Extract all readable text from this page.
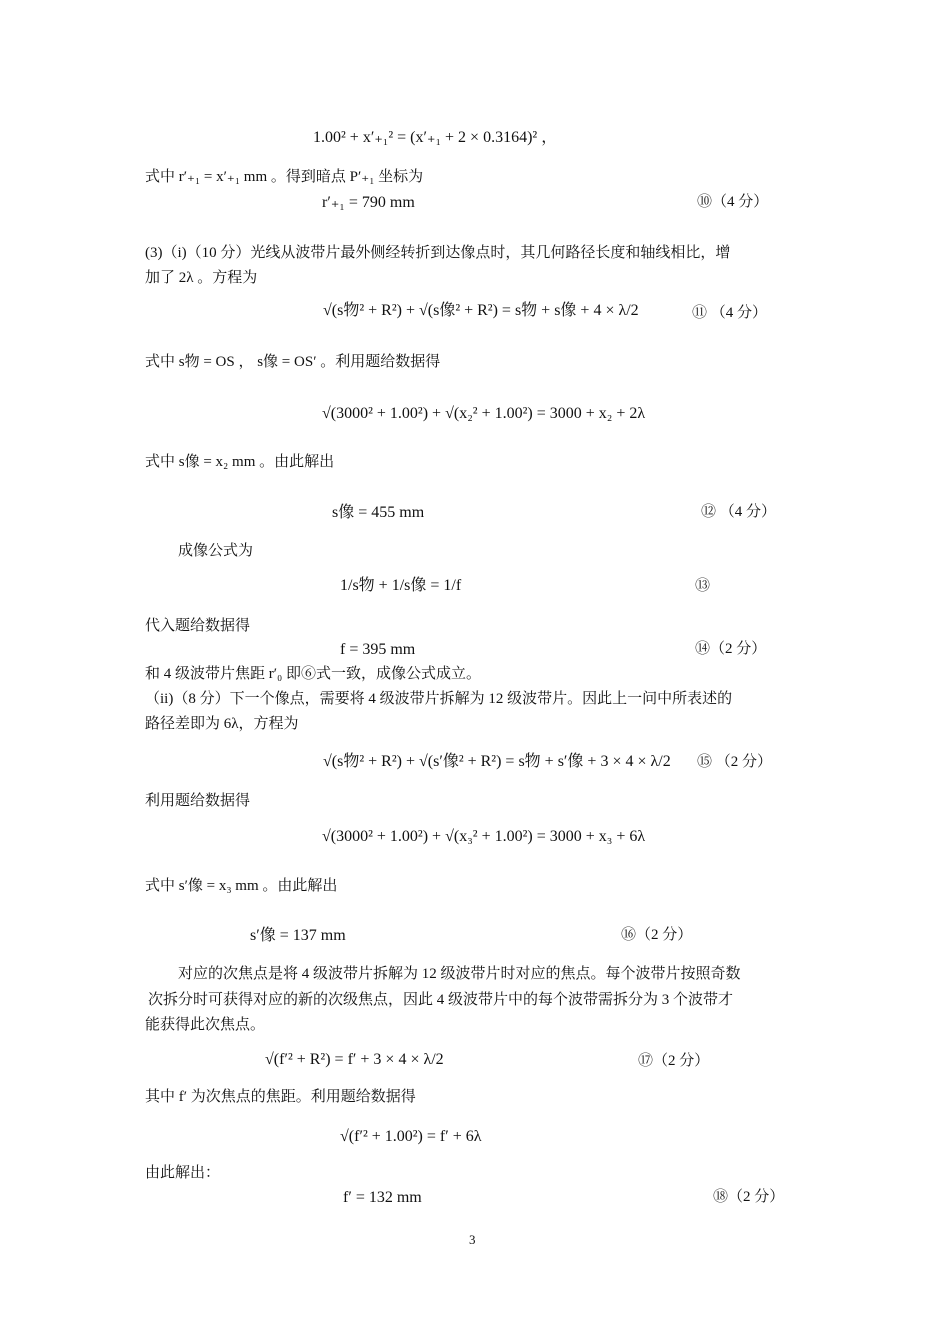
1.00² + x′₊₁² = (x′₊₁ + 2 × 0.3164)² ，
式中 r′₊₁ = x′₊₁ mm 。得到暗点 P′₊₁ 坐标为
r′₊₁ = 790 mm	⑩（4 分）
(3)（i)（10 分）光线从波带片最外侧经转折到达像点时，其几何路径长度和轴线相比，增
加了 2λ 。方程为
√(s物² + R²) + √(s像² + R²) = s物 + s像 + 4 × λ/2	⑪ （4 分）
式中 s物 = OS ， s像 = OS′ 。利用题给数据得
√(3000² + 1.00²) + √(x₂² + 1.00²) = 3000 + x₂ + 2λ
式中 s像 = x₂ mm 。由此解出
s像 = 455 mm	⑫ （4 分）
成像公式为
1/s物 + 1/s像 = 1/f	⑬
代入题给数据得
f = 395 mm	⑭（2 分）
和 4 级波带片焦距 r′₀ 即⑥式一致，成像公式成立。
（ii)（8 分）下一个像点，需要将 4 级波带片拆解为 12 级波带片。因此上一问中所表述的
路径差即为 6λ，方程为
√(s物² + R²) + √(s′像² + R²) = s物 + s′像 + 3 × 4 × λ/2 ⑮ （2 分）
利用题给数据得
√(3000² + 1.00²) + √(x₃² + 1.00²) = 3000 + x₃ + 6λ
式中 s′像 = x₃ mm 。由此解出
s′像 = 137 mm	⑯（2 分）
对应的次焦点是将 4 级波带片拆解为 12 级波带片时对应的焦点。每个波带片按照奇数
次拆分时可获得对应的新的次级焦点，因此 4 级波带片中的每个波带需拆分为 3 个波带才
能获得此次焦点。
√(f′² + R²) = f′ + 3 × 4 × λ/2	⑰（2 分）
其中 f′ 为次焦点的焦距。利用题给数据得
√(f′² + 1.00²) = f′ + 6λ
由此解出：
f′ = 132 mm	⑱（2 分）
3
